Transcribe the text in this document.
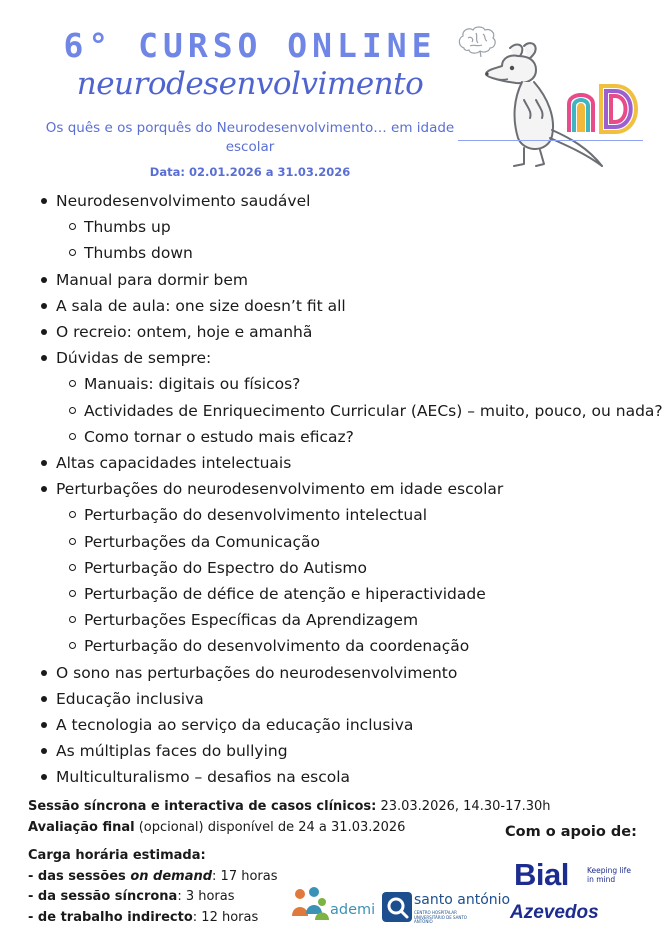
6° CURSO ONLINE
neurodesenvolvimento
Os quês e os porquês do Neurodesenvolvimento… em idade escolar
Data: 02.01.2026 a 31.03.2026
Neurodesenvolvimento saudável
Thumbs up
Thumbs down
Manual para dormir bem
A sala de aula: one size doesn’t fit all
O recreio: ontem, hoje e amanhã
Dúvidas de sempre:
Manuais: digitais ou físicos?
Actividades de Enriquecimento Curricular (AECs) – muito, pouco, ou nada?
Como tornar o estudo mais eficaz?
Altas capacidades intelectuais
Perturbações do neurodesenvolvimento em idade escolar
Perturbação do desenvolvimento intelectual
Perturbações da Comunicação
Perturbação do Espectro do Autismo
Perturbação de défice de atenção e hiperactividade
Perturbações Específicas da Aprendizagem
Perturbação do desenvolvimento da coordenação
O sono nas perturbações do neurodesenvolvimento
Educação inclusiva
A tecnologia ao serviço da educação inclusiva
As múltiplas faces do bullying
Multiculturalismo – desafios na escola
Sessão síncrona e interactiva de casos clínicos: 23.03.2026, 14.30-17.30h
Avaliação final (opcional) disponível de 24 a 31.03.2026
Carga horária estimada:
- das sessões on demand: 17 horas
- da sessão síncrona: 3 horas
- de trabalho indirecto: 12 horas
Com o apoio de:
Bial Keeping life in mind
Azevedos
ademi
santo antónio
CENTRO HOSPITALAR UNIVERSITÁRIO DE SANTO ANTÓNIO
